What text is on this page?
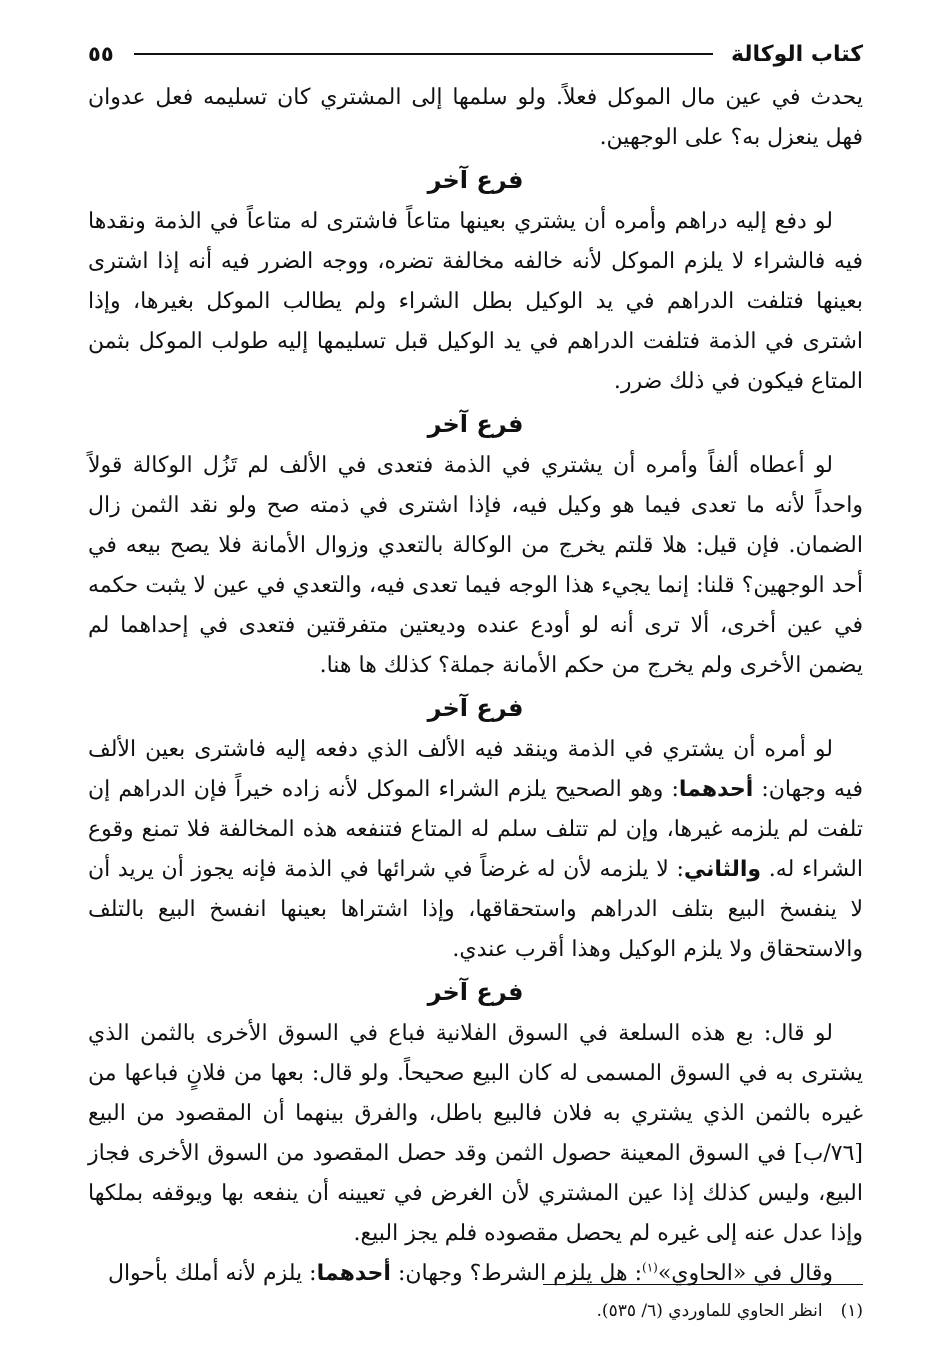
كتاب الوكالة
٥٥

يحدث في عين مال الموكل فعلاً. ولو سلمها إلى المشتري كان تسليمه فعل عدوان فهل ينعزل به؟ على الوجهين.

فرع آخر

لو دفع إليه دراهم وأمره أن يشتري بعينها متاعاً فاشترى له متاعاً في الذمة ونقدها فيه فالشراء لا يلزم الموكل لأنه خالفه مخالفة تضره، ووجه الضرر فيه أنه إذا اشترى بعينها فتلفت الدراهم في يد الوكيل بطل الشراء ولم يطالب الموكل بغيرها، وإذا اشترى في الذمة فتلفت الدراهم في يد الوكيل قبل تسليمها إليه طولب الموكل بثمن المتاع فيكون في ذلك ضرر.

فرع آخر

لو أعطاه ألفاً وأمره أن يشتري في الذمة فتعدى في الألف لم تَزُل الوكالة قولاً واحداً لأنه ما تعدى فيما هو وكيل فيه، فإذا اشترى في ذمته صح ولو نقد الثمن زال الضمان. فإن قيل: هلا قلتم يخرج من الوكالة بالتعدي وزوال الأمانة فلا يصح بيعه في أحد الوجهين؟ قلنا: إنما يجيء هذا الوجه فيما تعدى فيه، والتعدي في عين لا يثبت حكمه في عين أخرى، ألا ترى أنه لو أودع عنده وديعتين متفرقتين فتعدى في إحداهما لم يضمن الأخرى ولم يخرج من حكم الأمانة جملة؟ كذلك ها هنا.

فرع آخر

لو أمره أن يشتري في الذمة وينقد فيه الألف الذي دفعه إليه فاشترى بعين الألف فيه وجهان: أحدهما: وهو الصحيح يلزم الشراء الموكل لأنه زاده خيراً فإن الدراهم إن تلفت لم يلزمه غيرها، وإن لم تتلف سلم له المتاع فتنفعه هذه المخالفة فلا تمنع وقوع الشراء له. والثاني: لا يلزمه لأن له غرضاً في شرائها في الذمة فإنه يجوز أن يريد أن لا ينفسخ البيع بتلف الدراهم واستحقاقها، وإذا اشتراها بعينها انفسخ البيع بالتلف والاستحقاق ولا يلزم الوكيل وهذا أقرب عندي.

فرع آخر

لو قال: بع هذه السلعة في السوق الفلانية فباع في السوق الأخرى بالثمن الذي يشترى به في السوق المسمى له كان البيع صحيحاً. ولو قال: بعها من فلانٍ فباعها من غيره بالثمن الذي يشتري به فلان فالبيع باطل، والفرق بينهما أن المقصود من البيع [٧٦/ب] في السوق المعينة حصول الثمن وقد حصل المقصود من السوق الأخرى فجاز البيع، وليس كذلك إذا عين المشتري لأن الغرض في تعيينه أن ينفعه بها ويوقفه بملكها وإذا عدل عنه إلى غيره لم يحصل مقصوده فلم يجز البيع.

وقال في «الحاوي»$^{(١)}$: هل يلزم الشرط؟ وجهان: أحدهما: يلزم لأنه أملك بأحوال

(١)انظر الحاوي للماوردي (٦/ ٥٣٥).
